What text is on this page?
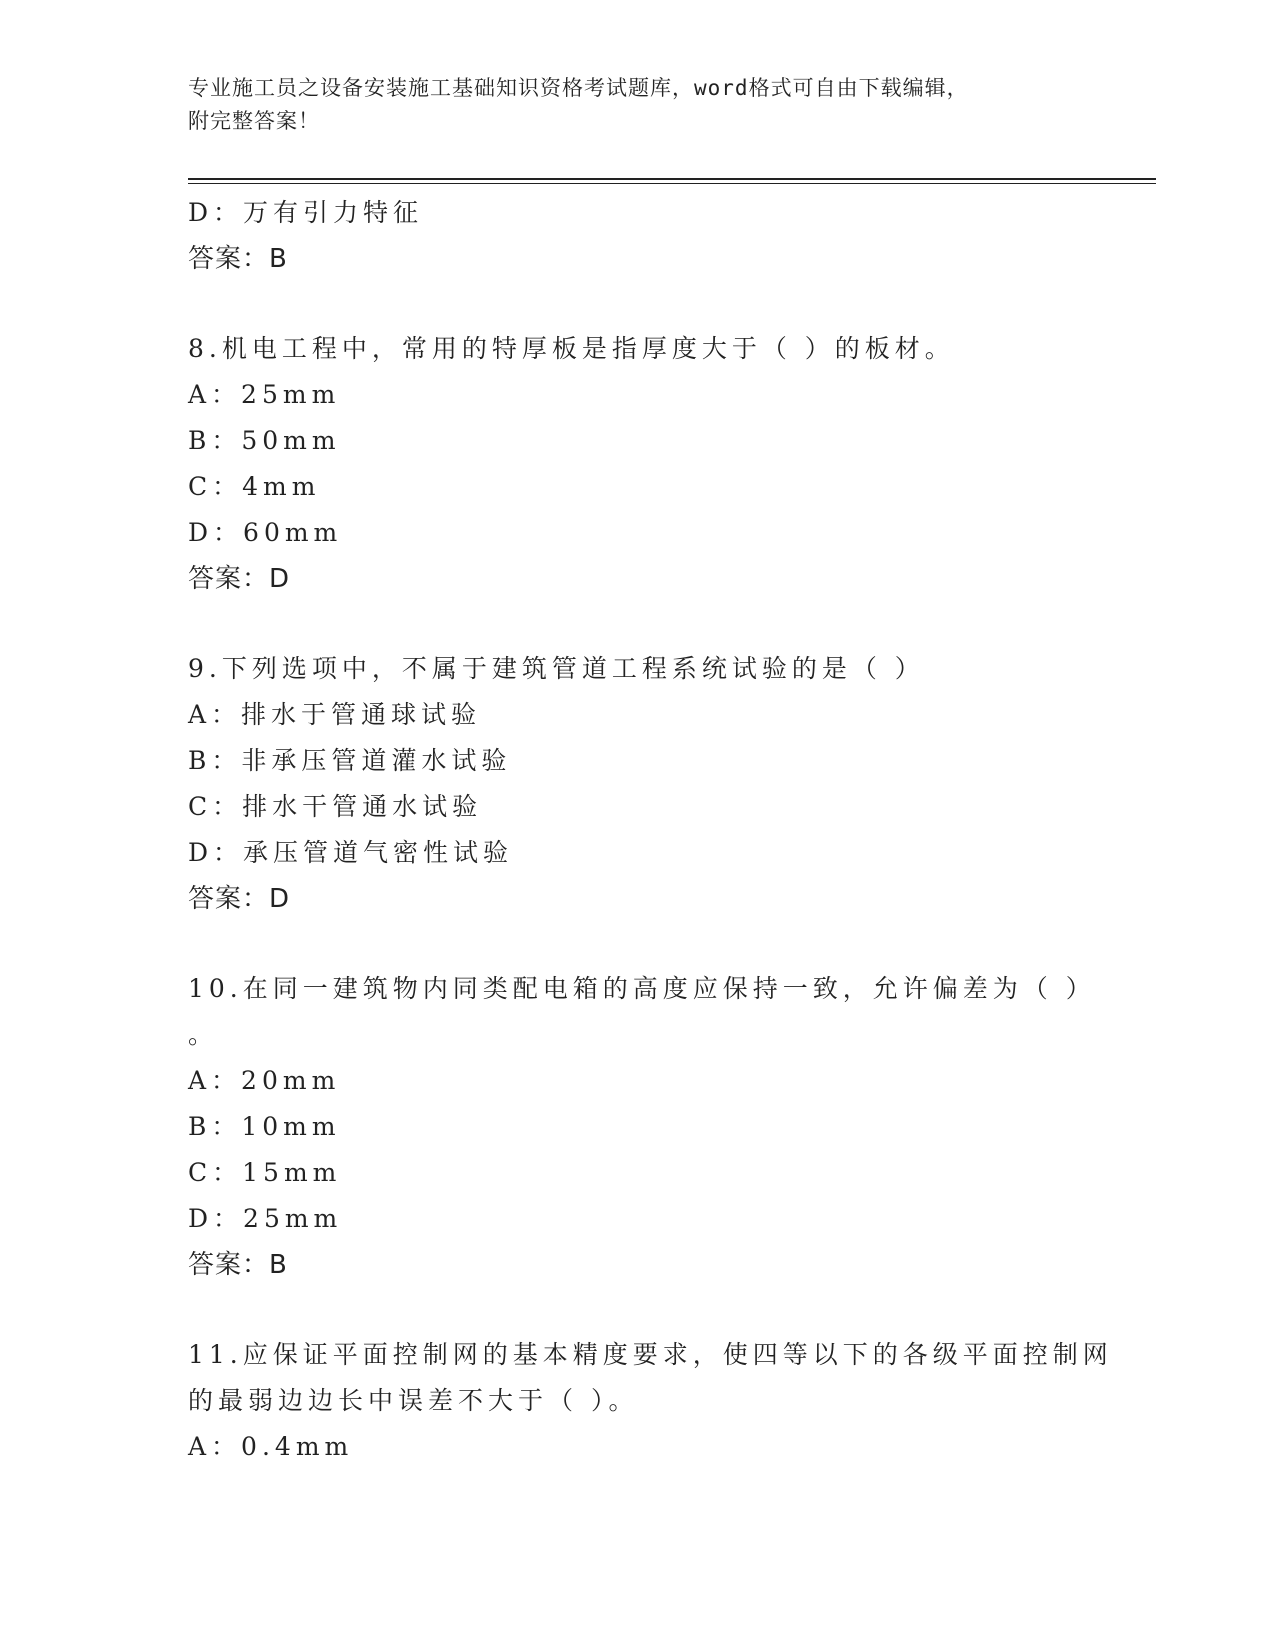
专业施工员之设备安装施工基础知识资格考试题库，word格式可自由下载编辑，
附完整答案！
D：万有引力特征
答案：B
8.机电工程中，常用的特厚板是指厚度大于（ ）的板材。
A：25mm
B：50mm
C：4mm
D：60mm
答案：D
9.下列选项中，不属于建筑管道工程系统试验的是（ ）
A：排水于管通球试验
B：非承压管道灌水试验
C：排水干管通水试验
D：承压管道气密性试验
答案：D
10.在同一建筑物内同类配电箱的高度应保持一致，允许偏差为（ ）
。
A：20mm
B：10mm
C：15mm
D：25mm
答案：B
11.应保证平面控制网的基本精度要求，使四等以下的各级平面控制网
的最弱边边长中误差不大于（ ）。
A：0.4mm
